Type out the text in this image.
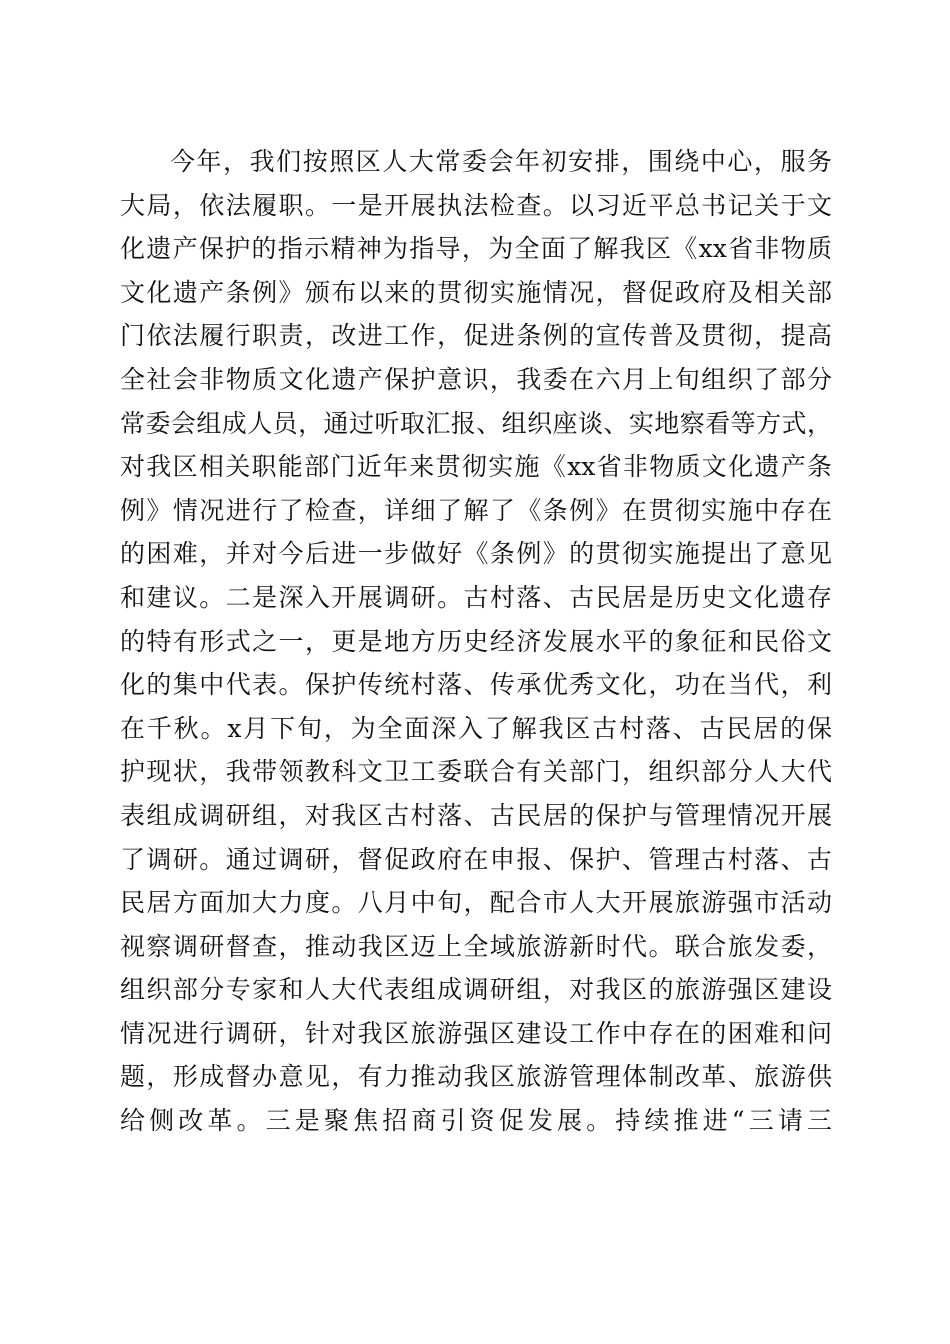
今年，我们按照区人大常委会年初安排，围绕中心，服务
大局，依法履职。一是开展执法检查。以习近平总书记关于文
化遗产保护的指示精神为指导，为全面了解我区《xx省非物质
文化遗产条例》颁布以来的贯彻实施情况，督促政府及相关部
门依法履行职责，改进工作，促进条例的宣传普及贯彻，提高
全社会非物质文化遗产保护意识，我委在六月上旬组织了部分
常委会组成人员，通过听取汇报、组织座谈、实地察看等方式，
对我区相关职能部门近年来贯彻实施《xx省非物质文化遗产条
例》情况进行了检查，详细了解了《条例》在贯彻实施中存在
的困难，并对今后进一步做好《条例》的贯彻实施提出了意见
和建议。二是深入开展调研。古村落、古民居是历史文化遗存
的特有形式之一，更是地方历史经济发展水平的象征和民俗文
化的集中代表。保护传统村落、传承优秀文化，功在当代，利
在千秋。x月下旬，为全面深入了解我区古村落、古民居的保
护现状，我带领教科文卫工委联合有关部门，组织部分人大代
表组成调研组，对我区古村落、古民居的保护与管理情况开展
了调研。通过调研，督促政府在申报、保护、管理古村落、古
民居方面加大力度。八月中旬，配合市人大开展旅游强市活动
视察调研督查，推动我区迈上全域旅游新时代。联合旅发委，
组织部分专家和人大代表组成调研组，对我区的旅游强区建设
情况进行调研，针对我区旅游强区建设工作中存在的困难和问
题，形成督办意见，有力推动我区旅游管理体制改革、旅游供
给侧改革。三是聚焦招商引资促发展。持续推进“三请三
